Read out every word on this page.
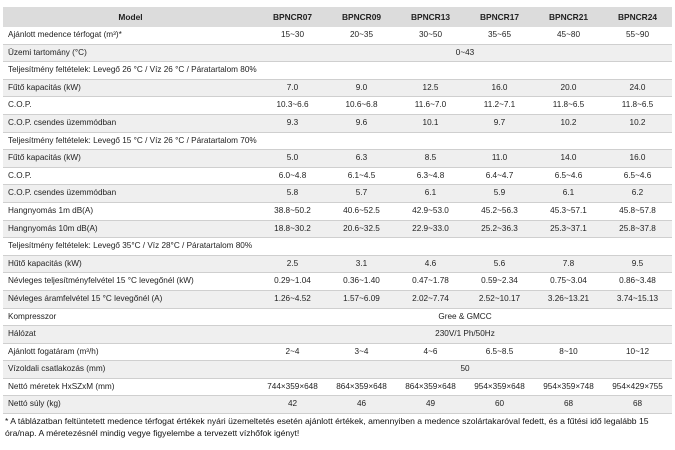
Model	BPNCR07	BPNCR09	BPNCR13	BPNCR17	BPNCR21	BPNCR24
Ajánlott medence térfogat (m³)*	15~30	20~35	30~50	35~65	45~80	55~90
Üzemi tartomány (°C)	0~43					
Teljesítmény feltételek: Levegő 26 °C / Víz 26 °C / Páratartalom 80%						
Fűtő kapacitás (kW)	7.0	9.0	12.5	16.0	20.0	24.0
C.O.P.	10.3~6.6	10.6~6.8	11.6~7.0	11.2~7.1	11.8~6.5	11.8~6.5
C.O.P. csendes üzemmódban	9.3	9.6	10.1	9.7	10.2	10.2
Teljesítmény feltételek: Levegő 15 °C / Víz 26 °C / Páratartalom 70%						
Fűtő kapacitás (kW)	5.0	6.3	8.5	11.0	14.0	16.0
C.O.P.	6.0~4.8	6.1~4.5	6.3~4.8	6.4~4.7	6.5~4.6	6.5~4.6
C.O.P. csendes üzemmódban	5.8	5.7	6.1	5.9	6.1	6.2
Hangnyomás 1m dB(A)	38.8~50.2	40.6~52.5	42.9~53.0	45.2~56.3	45.3~57.1	45.8~57.8
Hangnyomás 10m dB(A)	18.8~30.2	20.6~32.5	22.9~33.0	25.2~36.3	25.3~37.1	25.8~37.8
Teljesítmény feltételek: Levegő 35°C / Víz 28°C / Páratartalom 80%						
Hűtő kapacitás (kW)	2.5	3.1	4.6	5.6	7.8	9.5
Névleges teljesítményfelvétel 15 °C levegőnél (kW)	0.29~1.04	0.36~1.40	0.47~1.78	0.59~2.34	0.75~3.04	0.86~3.48
Névleges áramfelvétel 15 °C levegőnél (A)	1.26~4.52	1.57~6.09	2.02~7.74	2.52~10.17	3.26~13.21	3.74~15.13
Kompresszor	Gree & GMCC					
Hálózat	230V/1 Ph/50Hz					
Ajánlott fogatáram (m³/h)	2~4	3~4	4~6	6.5~8.5	8~10	10~12
Vízoldali csatlakozás (mm)	50					
Nettó méretek HxSZxM (mm)	744×359×648	864×359×648	864×359×648	954×359×648	954×359×748	954×429×755
Nettó súly (kg)	42	46	49	60	68	68
* A táblázatban feltüntetett medence térfogat értékek nyári üzemeltetés esetén ajánlott értékek, amennyiben a medence szolártakaróval fedett, és a fűtési idő legalább 15 óra/nap. A méretezésnél mindig vegye figyelembe a tervezett vízhőfok igényt!
